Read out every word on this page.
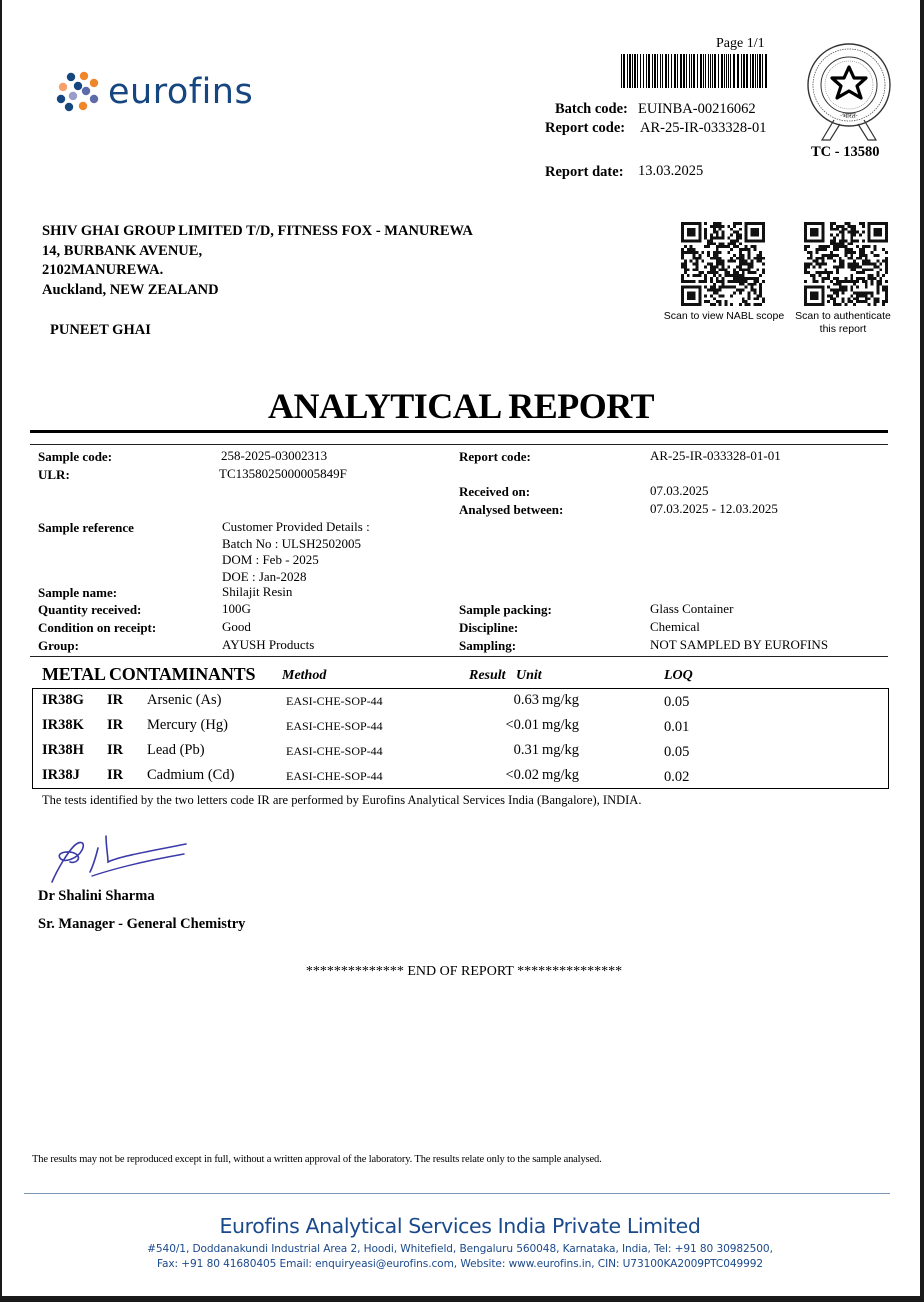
eurofins
Page 1/1
Batch code: EUINBA-00216062
Report code: AR-25-IR-033328-01
Report date: 13.03.2025
·भारत·
TC - 13580
SHIV GHAI GROUP LIMITED T/D, FITNESS FOX - MANUREWA
14, BURBANK AVENUE,
2102MANUREWA.
Auckland, NEW ZEALAND
PUNEET GHAI
Scan to view NABL scope	Scan to authenticate
this report
ANALYTICAL REPORT
Sample code:	258-2025-03002313
ULR:	TC1358025000005849F
Sample reference	Customer Provided Details :
Batch No : ULSH2502005
DOM : Feb - 2025
DOE : Jan-2028
Sample name:	Shilajit Resin
Quantity received:	100G
Condition on receipt:	Good
Group:	AYUSH Products
Report code:	AR-25-IR-033328-01-01
Received on:	07.03.2025
Analysed between:	07.03.2025 - 12.03.2025
Sample packing:	Glass Container
Discipline:	Chemical
Sampling:	NOT SAMPLED BY EUROFINS
METAL CONTAMINANTS Method	Result Unit	LOQ
IR38G IR Arsenic (As)	EASI-CHE-SOP-44	0.63 mg/kg	0.05
IR38K IR Mercury (Hg)	EASI-CHE-SOP-44	<0.01 mg/kg	0.01
IR38H IR Lead (Pb)	EASI-CHE-SOP-44	0.31 mg/kg	0.05
IR38J IR Cadmium (Cd)	EASI-CHE-SOP-44	<0.02 mg/kg	0.02
The tests identified by the two letters code IR are performed by Eurofins Analytical Services India (Bangalore), INDIA.
Dr Shalini Sharma
Sr. Manager - General Chemistry
************** END OF REPORT ***************
The results may not be reproduced except in full, without a written approval of the laboratory. The results relate only to the sample analysed.
Eurofins Analytical Services India Private Limited
#540/1, Doddanakundi Industrial Area 2, Hoodi, Whitefield, Bengaluru 560048, Karnataka, India, Tel: +91 80 30982500,
Fax: +91 80 41680405 Email: enquiryeasi@eurofins.com, Website: www.eurofins.in, CIN: U73100KA2009PTC049992
